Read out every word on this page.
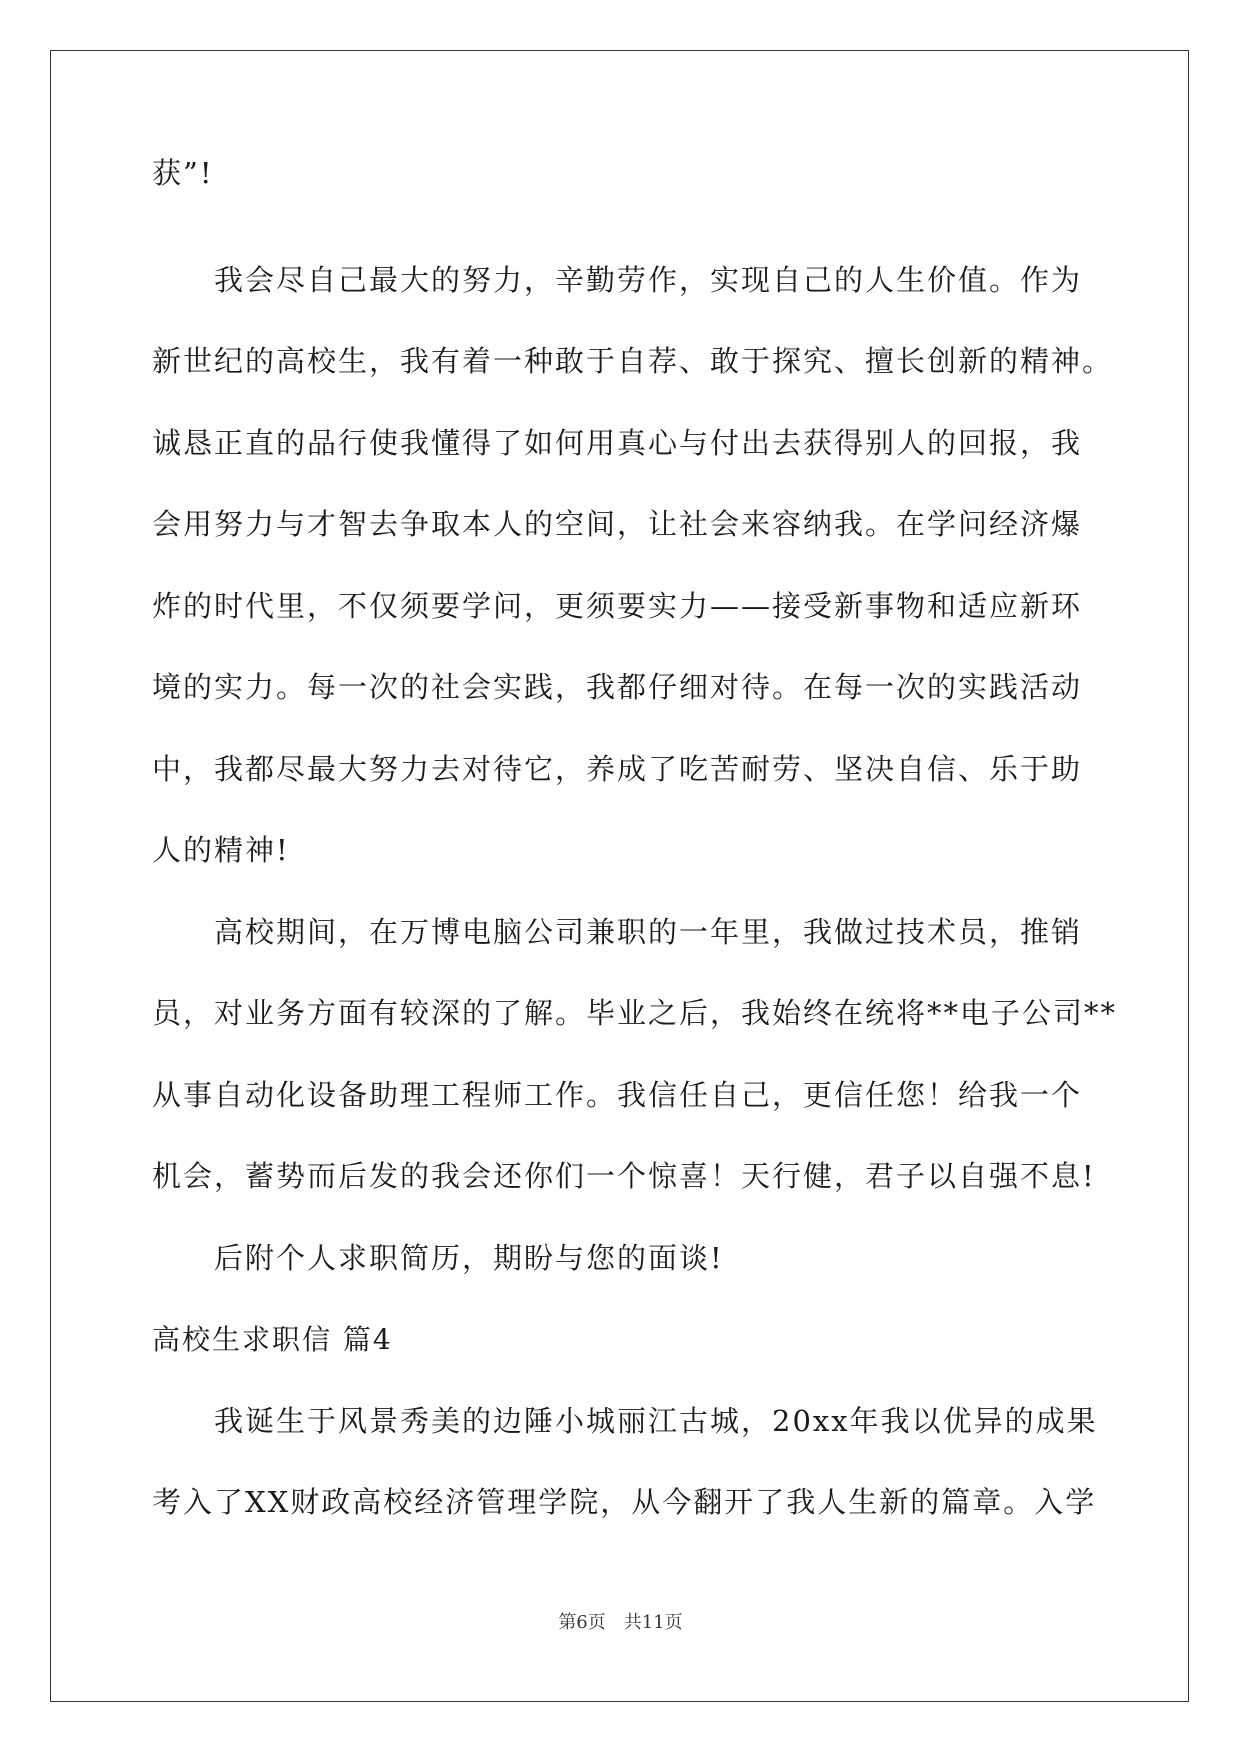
获”!
我会尽自己最大的努力，辛勤劳作，实现自己的人生价值。作为
新世纪的高校生，我有着一种敢于自荐、敢于探究、擅长创新的精神。
诚恳正直的品行使我懂得了如何用真心与付出去获得别人的回报，我
会用努力与才智去争取本人的空间，让社会来容纳我。在学问经济爆
炸的时代里，不仅须要学问，更须要实力——接受新事物和适应新环
境的实力。每一次的社会实践，我都仔细对待。在每一次的实践活动
中，我都尽最大努力去对待它，养成了吃苦耐劳、坚决自信、乐于助
人的精神!
高校期间，在万博电脑公司兼职的一年里，我做过技术员，推销
员，对业务方面有较深的了解。毕业之后，我始终在统将**电子公司**
从事自动化设备助理工程师工作。我信任自己，更信任您！给我一个
机会，蓄势而后发的我会还你们一个惊喜！天行健，君子以自强不息!
后附个人求职简历，期盼与您的面谈!
高校生求职信 篇4
我诞生于风景秀美的边陲小城丽江古城，20xx年我以优异的成果
考入了XX财政高校经济管理学院，从今翻开了我人生新的篇章。入学
第6页　共11页
